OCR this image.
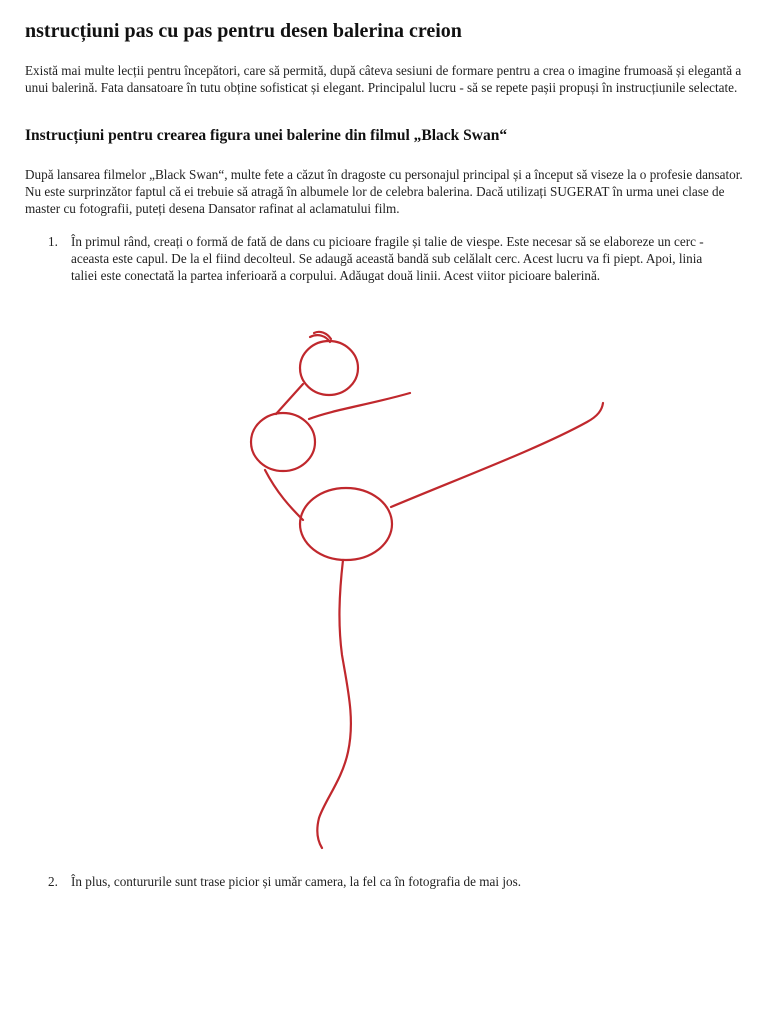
nstrucțiuni pas cu pas pentru desen balerina creion

Există mai multe lecții pentru începători, care să permită, după câteva sesiuni de formare pentru a crea o imagine frumoasă și elegantă a unui balerină. Fata dansatoare în tutu obține sofisticat și elegant. Principalul lucru - să se repete pașii propuși în instrucțiunile selectate.

Instrucțiuni pentru crearea figura unei balerine din filmul „Black Swan“

După lansarea filmelor „Black Swan“, multe fete a căzut în dragoste cu personajul principal și a început să viseze la o profesie dansator. Nu este surprinzător faptul că ei trebuie să atragă în albumele lor de celebra balerina. Dacă utilizați SUGERAT în urma unei clase de master cu fotografii, puteți desena Dansator rafinat al aclamatului film.

1. În primul rând, creați o formă de fată de dans cu picioare fragile și talie de viespe. Este necesar să se elaboreze un cerc - aceasta este capul. De la el fiind decolteul. Se adaugă această bandă sub celălalt cerc. Acest lucru va fi piept. Apoi, linia taliei este conectată la partea inferioară a corpului. Adăugat două linii. Acest viitor picioare balerină.
2. În plus, contururile sunt trase picior și umăr camera, la fel ca în fotografia de mai jos.
